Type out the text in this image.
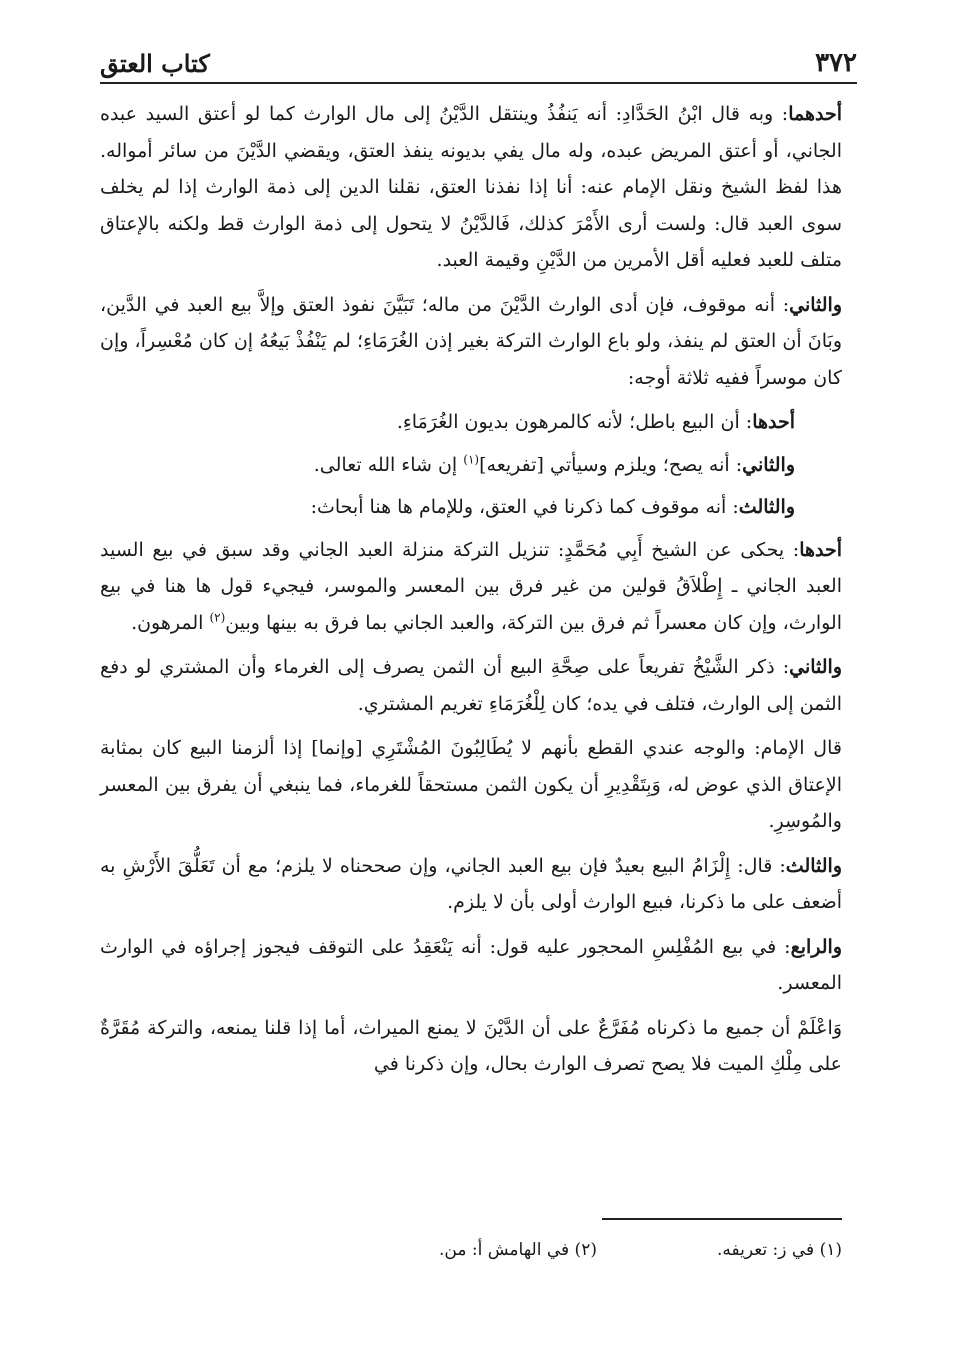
٣٧٢
كتاب العتق

أحدهما: وبه قال ابْنُ الحَدَّادِ: أنه يَنفُذُ وينتقل الدَّيْنُ إلى مال الوارث كما لو أعتق السيد عبده الجاني، أو أعتق المريض عبده، وله مال يفي بديونه ينفذ العتق، ويقضي الدَّيْنَ من سائر أمواله. هذا لفظ الشيخ ونقل الإمام عنه: أنا إذا نفذنا العتق، نقلنا الدين إلى ذمة الوارث إذا لم يخلف سوى العبد قال: ولست أرى الأَمْرَ كذلك، فَالدَّيْنُ لا يتحول إلى ذمة الوارث قط ولكنه بالإعتاق متلف للعبد فعليه أقل الأمرين من الدَّيْنِ وقيمة العبد.

والثاني: أنه موقوف، فإن أدى الوارث الدَّيْنَ من ماله؛ تَبَيَّنَ نفوذ العتق وإلاَّ بيع العبد في الدَّين، وبَانَ أن العتق لم ينفذ، ولو باع الوارث التركة بغير إذن الغُرَمَاءِ؛ لم يَنْفُذْ بَيعُهُ إن كان مُعْسِراً، وإن كان موسراً ففيه ثلاثة أوجه:

أحدها: أن البيع باطل؛ لأنه كالمرهون بديون الغُرَمَاءِ.

والثاني: أنه يصح؛ ويلزم وسيأتي [تفريعه]$^{(١)}$ إن شاء الله تعالى.

والثالث: أنه موقوف كما ذكرنا في العتق، وللإمام ها هنا أبحاث:

أحدها: يحكى عن الشيخ أَبِي مُحَمَّدٍ: تنزيل التركة منزلة العبد الجاني وقد سبق في بيع السيد العبد الجاني ـ إِطْلاَقُ قولين من غير فرق بين المعسر والموسر، فيجيء قول ها هنا في بيع الوارث، وإن كان معسراً ثم فرق بين التركة، والعبد الجاني بما فرق به بينها وبين$^{(٢)}$ المرهون.

والثاني: ذكر الشَّيْخُ تفريعاً على صِحَّةِ البيع أن الثمن يصرف إلى الغرماء وأن المشتري لو دفع الثمن إلى الوارث، فتلف في يده؛ كان لِلْغُرَمَاءِ تغريم المشتري.

قال الإمام: والوجه عندي القطع بأنهم لا يُطَالِبُونَ المُشْتَرِي [وإنما] إذا ألزمنا البيع كان بمثابة الإعتاق الذي عوض له، وَبِتَقْدِيرِ أن يكون الثمن مستحقاً للغرماء، فما ينبغي أن يفرق بين المعسر والمُوسِرِ.

والثالث: قال: إِلْزَامُ البيع بعيدٌ فإن بيع العبد الجاني، وإن صححناه لا يلزم؛ مع أن تَعَلُّقَ الأَرْشِ به أضعف على ما ذكرنا، فبيع الوارث أولى بأن لا يلزم.

والرابع: في بيع المُفْلِسِ المحجور عليه قول: أنه يَنْعَقِدُ على التوقف فيجوز إجراؤه في الوارث المعسر.

وَاعْلَمْ أن جميع ما ذكرناه مُفَرَّعٌ على أن الدَّيْنَ لا يمنع الميراث، أما إذا قلنا يمنعه، والتركة مُقَرَّةٌ على مِلْكِ الميت فلا يصح تصرف الوارث بحال، وإن ذكرنا في

(١) في ز: تعريفه.
(٢) في الهامش أ: من.
